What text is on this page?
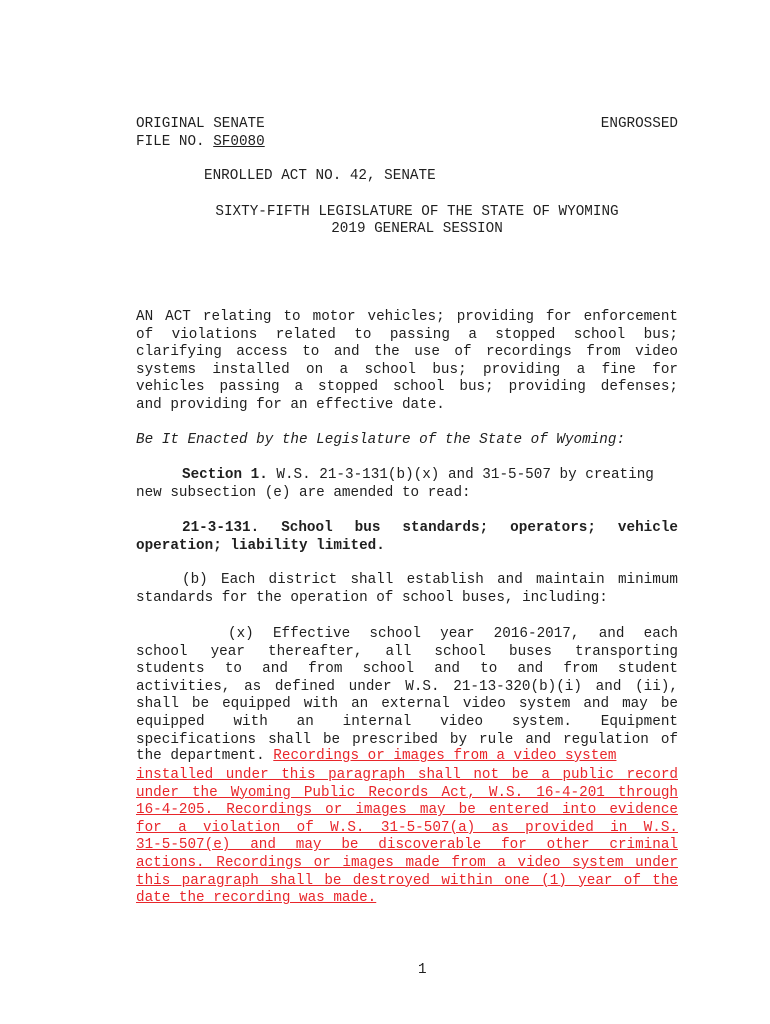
ORIGINAL SENATE	ENGROSSED
FILE NO. SF0080
ENROLLED ACT NO. 42, SENATE
SIXTY-FIFTH LEGISLATURE OF THE STATE OF WYOMING
2019 GENERAL SESSION
AN ACT relating to motor vehicles; providing for enforcement
of violations related to passing a stopped school bus;
clarifying access to and the use of recordings from video
systems installed on a school bus; providing a fine for
vehicles passing a stopped school bus; providing defenses;
and providing for an effective date.
Be It Enacted by the Legislature of the State of Wyoming:
Section 1. W.S. 21-3-131(b)(x) and 31-5-507 by creating
new subsection (e) are amended to read:
21-3-131. School bus standards; operators; vehicle
operation; liability limited.
(b) Each district shall establish and maintain minimum
standards for the operation of school buses, including:
(x) Effective school year 2016-2017, and each
school year thereafter, all school buses transporting
students to and from school and to and from student
activities, as defined under W.S. 21-13-320(b)(i) and (ii),
shall be equipped with an external video system and may be
equipped with an internal video system. Equipment
specifications shall be prescribed by rule and regulation of
the department. Recordings or images from a video system
installed under this paragraph shall not be a public record
under the Wyoming Public Records Act, W.S. 16-4-201 through
16-4-205. Recordings or images may be entered into evidence
for a violation of W.S. 31-5-507(a) as provided in W.S.
31-5-507(e) and may be discoverable for other criminal
actions. Recordings or images made from a video system under
this paragraph shall be destroyed within one (1) year of the
date the recording was made.
1
